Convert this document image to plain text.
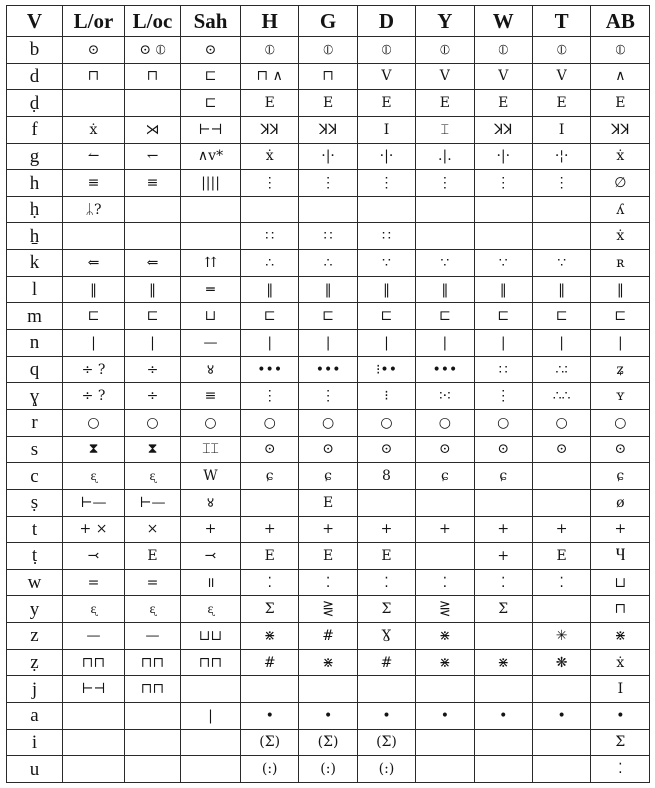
V	L/or	L/oc	Sah	H	G	D	Y	W	T	AB
b	⊙	⊙ ⦶	⊙	⦶	⦶	⦶	⦶	⦶	⦶	⦶
d	⊓	⊓	⊏	⊓ ∧	⊓	V	V	V	V	∧
ḍ			⊏	E	E	E	E	E	E	E
f	ẋ	⋊	⊢⊣	ꓘꓘ	ꓘꓘ	I	⌶	ꓘꓘ	I	ꓘꓘ
g	↼	↽	∧v*	ẋ	·|·	·|·	.|.	·|·	·¦·	ẋ
h	≡	≡	||||	⋮	⋮	⋮	⋮	⋮	⋮	∅
ḥ	ᛦ?									ʎ
ẖ				∷	∷	∷				ẋ
k	⇐	⇐	⇈	∴	∴	∵	∵	∵	∵	ʀ
l	‖	‖	═	‖	‖	‖	‖	‖	‖	‖
m	⊏	⊏	⊔	⊏	⊏	⊏	⊏	⊏	⊏	⊏
n	|	|	—	|	|	|	|	|	|	|
q	÷ ?	÷	४	•••	•••	⁝••	•••	∷	∴∶	ʑ
ɣ	÷ ?	÷	≡	⋮	⋮	⁝	∶·∶	⋮	∴∴	ʏ
r	○	○	○	○	○	○	○	○	○	○
s	⧗	⧗	⌶⌶	⊙	⊙	⊙	⊙	⊙	⊙	⊙
c	ᶓ	ᶓ	W	ɕ	ɕ	8	ɕ	ɕ		ɕ
ṣ	⊢—	⊢—	४		E					ø
t	+ ×	×	+	+	+	+	+	+	+	+
ṭ	⤙	E	⤙	E	E	E		+	E	Ⴗ
w	=	=	॥	⁚	⁚	⁚	⁚	⁚	⁚	⊔
y	ᶓ	ᶓ	ᶓ	Σ	⋛	Σ	⋛	Σ		⊓
z	—	—	⊔⊔	⋇	#	Ɣ	⋇		✳	⋇
ẓ	⊓⊓	⊓⊓	⊓⊓	#	⋇	#	⋇	⋇	❋	ẋ
j	⊢⊣	⊓⊓								I
a			|	•	•	•	•	•	•	•
i				(Σ)	(Σ)	(Σ)				Σ
u				(:)	(:)	(:)				⁚
